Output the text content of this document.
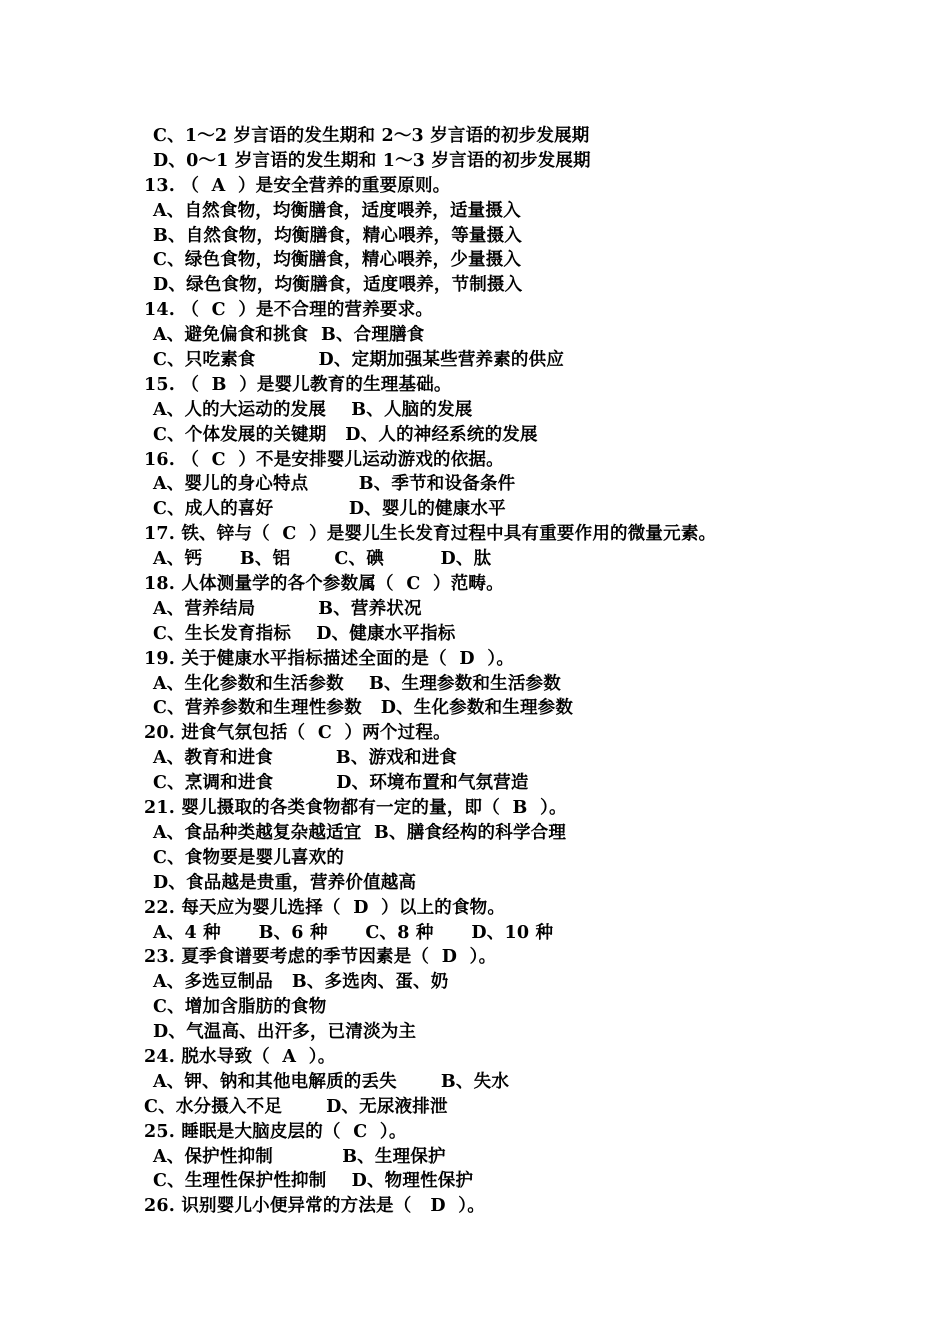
C、1～2 岁言语的发生期和 2～3 岁言语的初步发展期
D、0～1 岁言语的发生期和 1～3 岁言语的初步发展期
13. （  A  ）是安全营养的重要原则。
A、自然食物，均衡膳食，适度喂养，适量摄入
B、自然食物，均衡膳食，精心喂养，等量摄入
C、绿色食物，均衡膳食，精心喂养，少量摄入
D、绿色食物，均衡膳食，适度喂养，节制摄入
14. （  C  ）是不合理的营养要求。
A、避免偏食和挑食  B、合理膳食
C、只吃素食          D、定期加强某些营养素的供应
15. （  B  ）是婴儿教育的生理基础。
A、人的大运动的发展    B、人脑的发展
C、个体发展的关键期   D、人的神经系统的发展
16. （  C  ）不是安排婴儿运动游戏的依据。
A、婴儿的身心特点        B、季节和设备条件
C、成人的喜好            D、婴儿的健康水平
17. 铁、锌与（  C  ）是婴儿生长发育过程中具有重要作用的微量元素。
A、钙      B、铝       C、碘         D、肽
18. 人体测量学的各个参数属（  C  ）范畴。
A、营养结局          B、营养状况
C、生长发育指标    D、健康水平指标
19. 关于健康水平指标描述全面的是（  D  ）。
A、生化参数和生活参数    B、生理参数和生活参数
C、营养参数和生理性参数   D、生化参数和生理参数
20. 进食气氛包括（  C  ）两个过程。
A、教育和进食          B、游戏和进食
C、烹调和进食          D、环境布置和气氛营造
21. 婴儿摄取的各类食物都有一定的量，即（  B  ）。
A、食品种类越复杂越适宜  B、膳食经构的科学合理
C、食物要是婴儿喜欢的
D、食品越是贵重，营养价值越高
22. 每天应为婴儿选择（  D  ）以上的食物。
A、4 种      B、6 种      C、8 种      D、10 种
23. 夏季食谱要考虑的季节因素是（  D  ）。
A、多选豆制品   B、多选肉、蛋、奶
C、增加含脂肪的食物
D、气温高、出汗多，已清淡为主
24. 脱水导致（  A  ）。
A、钾、钠和其他电解质的丢失       B、失水
C、水分摄入不足       D、无尿液排泄
25. 睡眠是大脑皮层的（  C  ）。
A、保护性抑制           B、生理保护
C、生理性保护性抑制    D、物理性保护
26. 识别婴儿小便异常的方法是（   D  ）。
